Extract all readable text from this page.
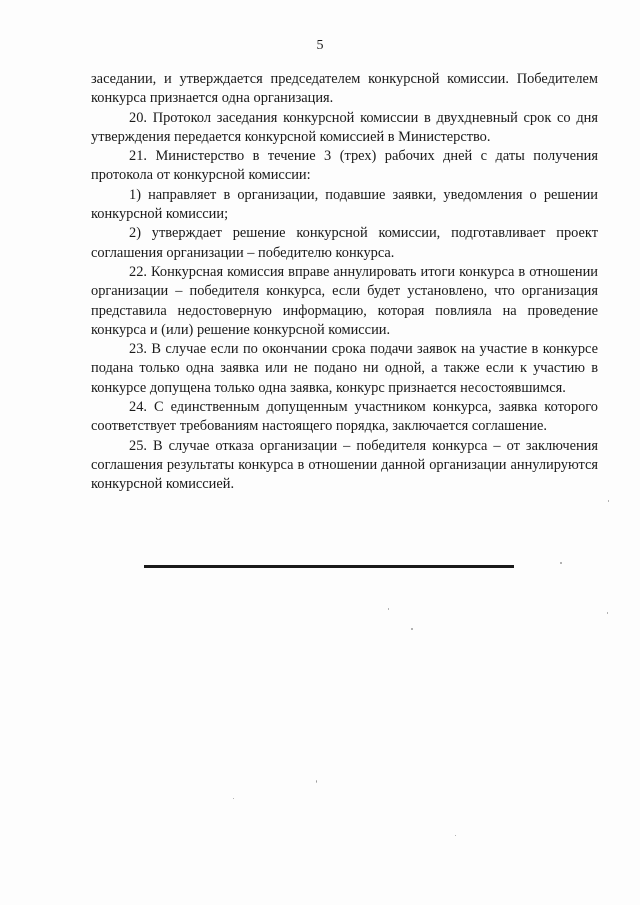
5

заседании, и утверждается председателем конкурсной комиссии. Победителем конкурса признается одна организация.

20. Протокол заседания конкурсной комиссии в двухдневный срок со дня утверждения передается конкурсной комиссией в Министерство.

21. Министерство в течение 3 (трех) рабочих дней с даты получения протокола от конкурсной комиссии:

1) направляет в организации, подавшие заявки, уведомления о решении конкурсной комиссии;

2) утверждает решение конкурсной комиссии, подготавливает проект соглашения организации – победителю конкурса.

22. Конкурсная комиссия вправе аннулировать итоги конкурса в отношении организации – победителя конкурса, если будет установлено, что организация представила недостоверную информацию, которая повлияла на проведение конкурса и (или) решение конкурсной комиссии.

23. В случае если по окончании срока подачи заявок на участие в конкурсе подана только одна заявка или не подано ни одной, а также если к участию в конкурсе допущена только одна заявка, конкурс признается несостоявшимся.

24. С единственным допущенным участником конкурса, заявка которого соответствует требованиям настоящего порядка, заключается соглашение.

25. В случае отказа организации – победителя конкурса – от заключения соглашения результаты конкурса в отношении данной организации аннулируются конкурсной комиссией.
